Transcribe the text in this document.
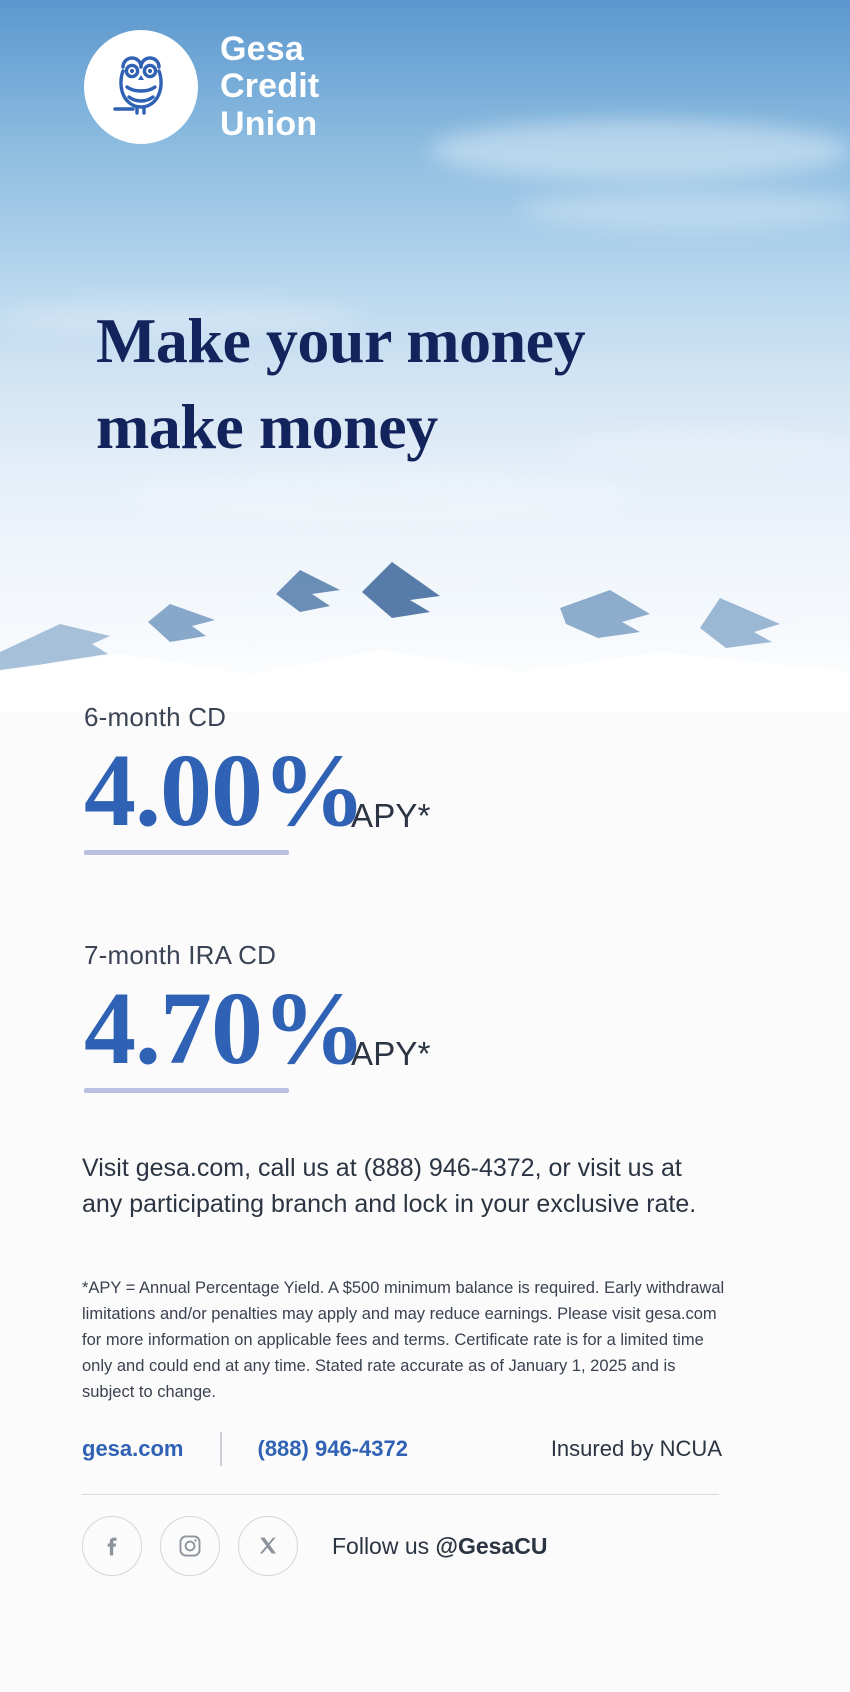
Gesa
Credit
Union
Make your money
make money
6-month CD
4.00%
APY*
7-month IRA CD
4.70%
APY*
Visit gesa.com, call us at (888) 946-4372, or visit us at any participating branch and lock in your exclusive rate.
*APY = Annual Percentage Yield. A $500 minimum balance is required. Early withdrawal limitations and/or penalties may apply and may reduce earnings. Please visit gesa.com for more information on applicable fees and terms. Certificate rate is for a limited time only and could end at any time. Stated rate accurate as of January 1, 2025 and is subject to change.
gesa.com	(888) 946-4372	Insured by NCUA
Follow us @GesaCU
